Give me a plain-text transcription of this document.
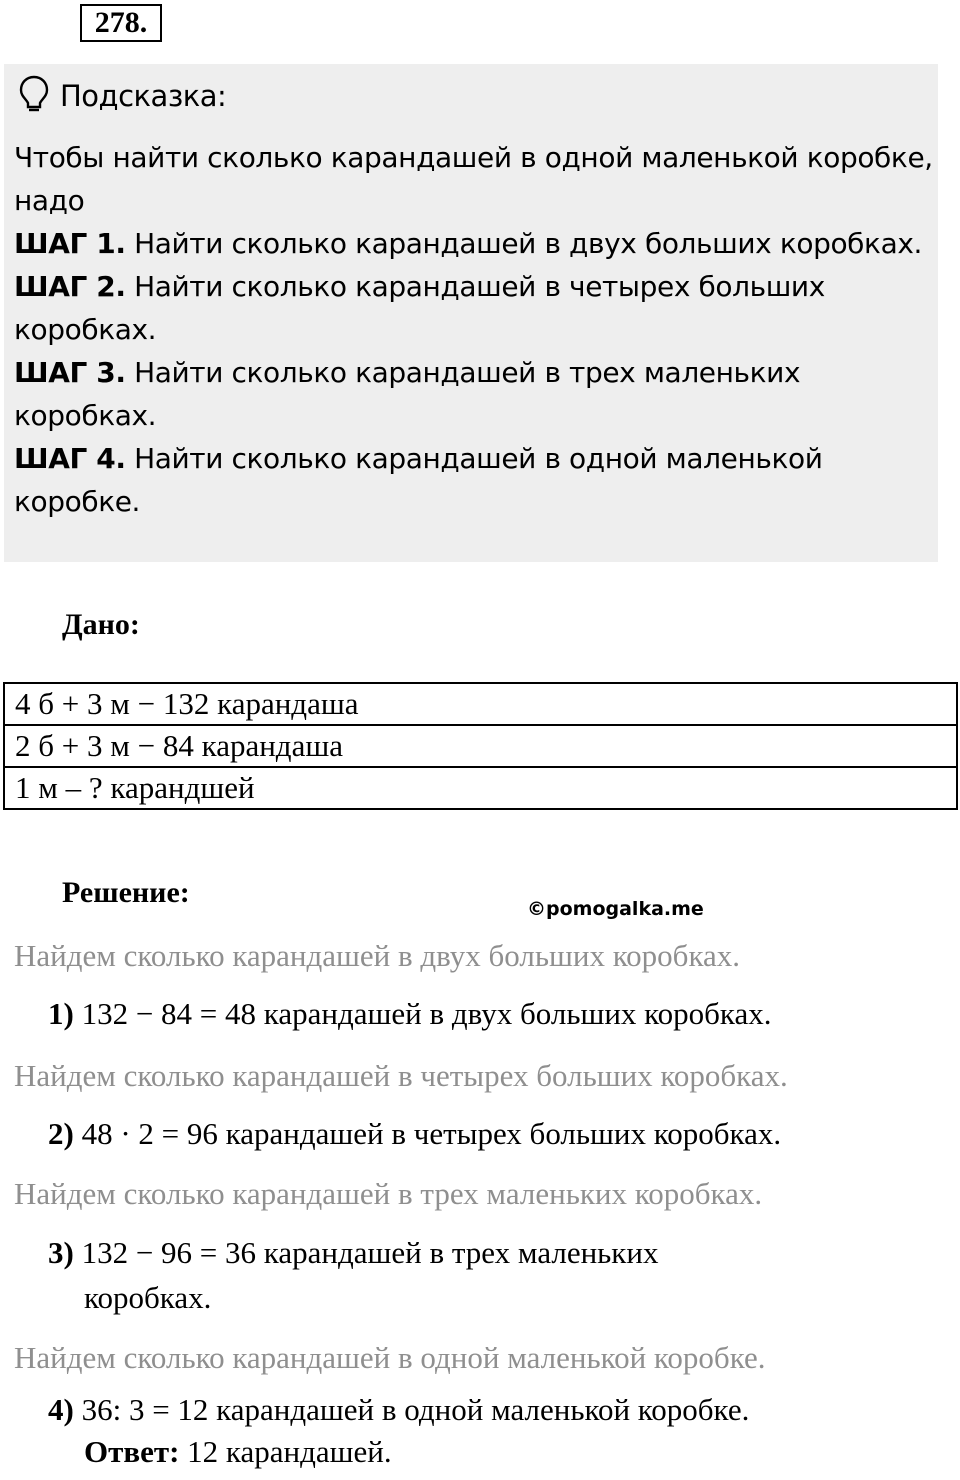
278.
Подсказка:

Чтобы найти сколько карандашей в одной маленькой коробке, надо

ШАГ 1. Найти сколько карандашей в двух больших коробках.

ШАГ 2. Найти сколько карандашей в четырех больших коробках.

ШАГ 3. Найти сколько карандашей в трех маленьких коробках.

ШАГ 4. Найти сколько карандашей в одной маленькой коробке.

Дано:
4 б + 3 м − 132 карандаша
2 б + 3 м − 84 карандаша
1 м – ? карандшей
Решение:	©pomogalka.me
Найдем сколько карандашей в двух больших коробках.
1) 132 − 84 = 48 карандашей в двух больших коробках.
Найдем сколько карандашей в четырех больших коробках.
2) 48 · 2 = 96 карандашей в четырех больших коробках.
Найдем сколько карандашей в трех маленьких коробках.
3) 132 − 96 = 36 карандашей в трех маленьких
коробках.
Найдем сколько карандашей в одной маленькой коробке.
4) 36: 3 = 12 карандашей в одной маленькой коробке.
Ответ: 12 карандашей.
